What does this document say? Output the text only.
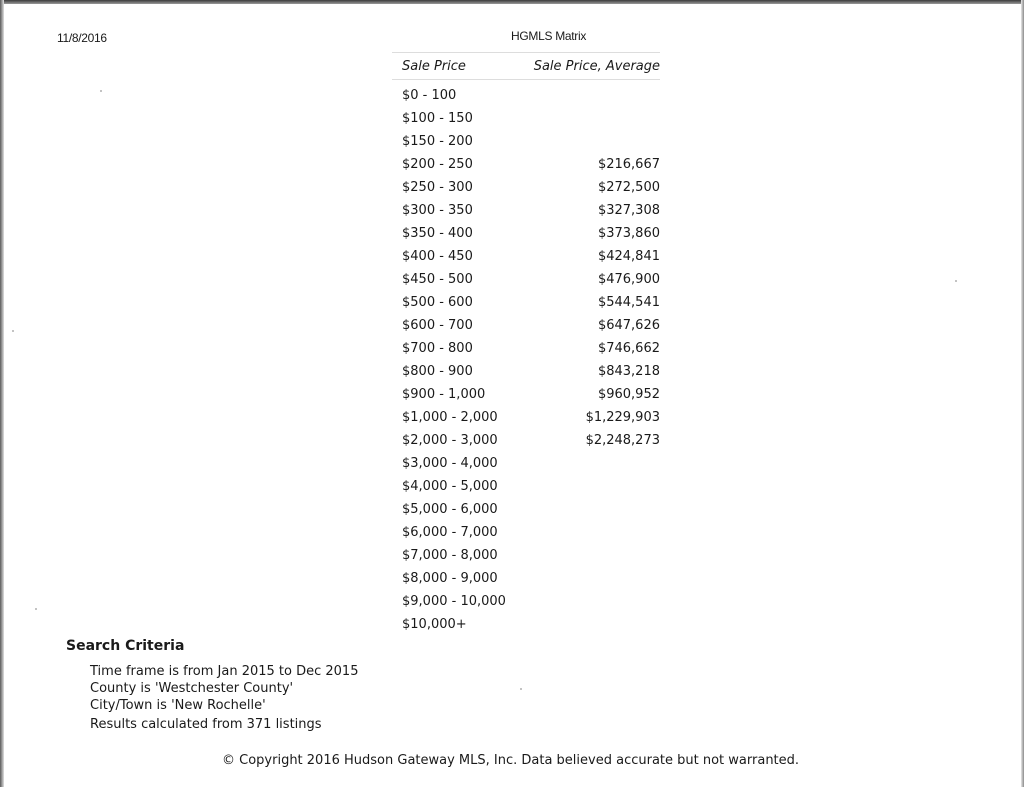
11/8/2016	HGMLS Matrix
Sale Price	Sale Price, Average

$0 - 100	
$100 - 150	
$150 - 200	
$200 - 250	$216,667
$250 - 300	$272,500
$300 - 350	$327,308
$350 - 400	$373,860
$400 - 450	$424,841
$450 - 500	$476,900
$500 - 600	$544,541
$600 - 700	$647,626
$700 - 800	$746,662
$800 - 900	$843,218
$900 - 1,000	$960,952
$1,000 - 2,000	$1,229,903
$2,000 - 3,000	$2,248,273
$3,000 - 4,000	
$4,000 - 5,000	
$5,000 - 6,000	
$6,000 - 7,000	
$7,000 - 8,000	
$8,000 - 9,000	
$9,000 - 10,000	
$10,000+	
Search Criteria
Time frame is from Jan 2015 to Dec 2015
County is 'Westchester County'
City/Town is 'New Rochelle'
Results calculated from 371 listings
© Copyright 2016 Hudson Gateway MLS, Inc. Data believed accurate but not warranted.
